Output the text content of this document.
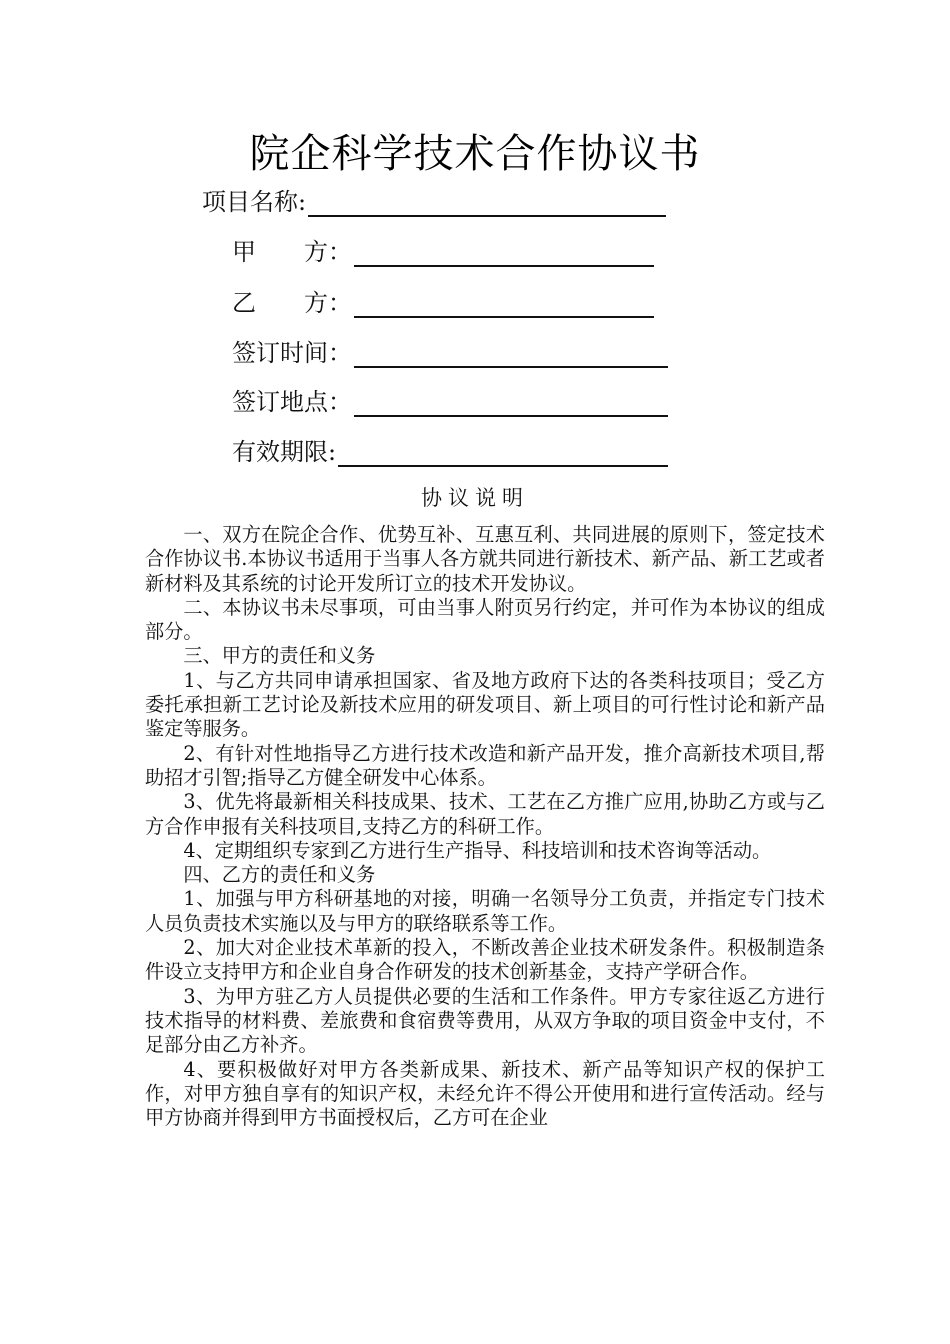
院企科学技术合作协议书
项目名称:
甲　　方：
乙　　方：
签订时间：
签订地点：
有效期限:
协议说明

一、双方在院企合作、优势互补、互惠互利、共同进展的原则下，签定技术合作协议书.本协议书适用于当事人各方就共同进行新技术、新产品、新工艺或者新材料及其系统的讨论开发所订立的技术开发协议。

二、本协议书未尽事项，可由当事人附页另行约定，并可作为本协议的组成部分。

三、甲方的责任和义务

1、与乙方共同申请承担国家、省及地方政府下达的各类科技项目；受乙方委托承担新工艺讨论及新技术应用的研发项目、新上项目的可行性讨论和新产品鉴定等服务。

2、有针对性地指导乙方进行技术改造和新产品开发，推介高新技术项目,帮助招才引智;指导乙方健全研发中心体系。

3、优先将最新相关科技成果、技术、工艺在乙方推广应用,协助乙方或与乙方合作申报有关科技项目,支持乙方的科研工作。

4、定期组织专家到乙方进行生产指导、科技培训和技术咨询等活动。

四、乙方的责任和义务

1、加强与甲方科研基地的对接，明确一名领导分工负责，并指定专门技术人员负责技术实施以及与甲方的联络联系等工作。

2、加大对企业技术革新的投入，不断改善企业技术研发条件。积极制造条件设立支持甲方和企业自身合作研发的技术创新基金，支持产学研合作。

3、为甲方驻乙方人员提供必要的生活和工作条件。甲方专家往返乙方进行技术指导的材料费、差旅费和食宿费等费用，从双方争取的项目资金中支付，不足部分由乙方补齐。

4、要积极做好对甲方各类新成果、新技术、新产品等知识产权的保护工作，对甲方独自享有的知识产权，未经允许不得公开使用和进行宣传活动。经与甲方协商并得到甲方书面授权后，乙方可在企业
